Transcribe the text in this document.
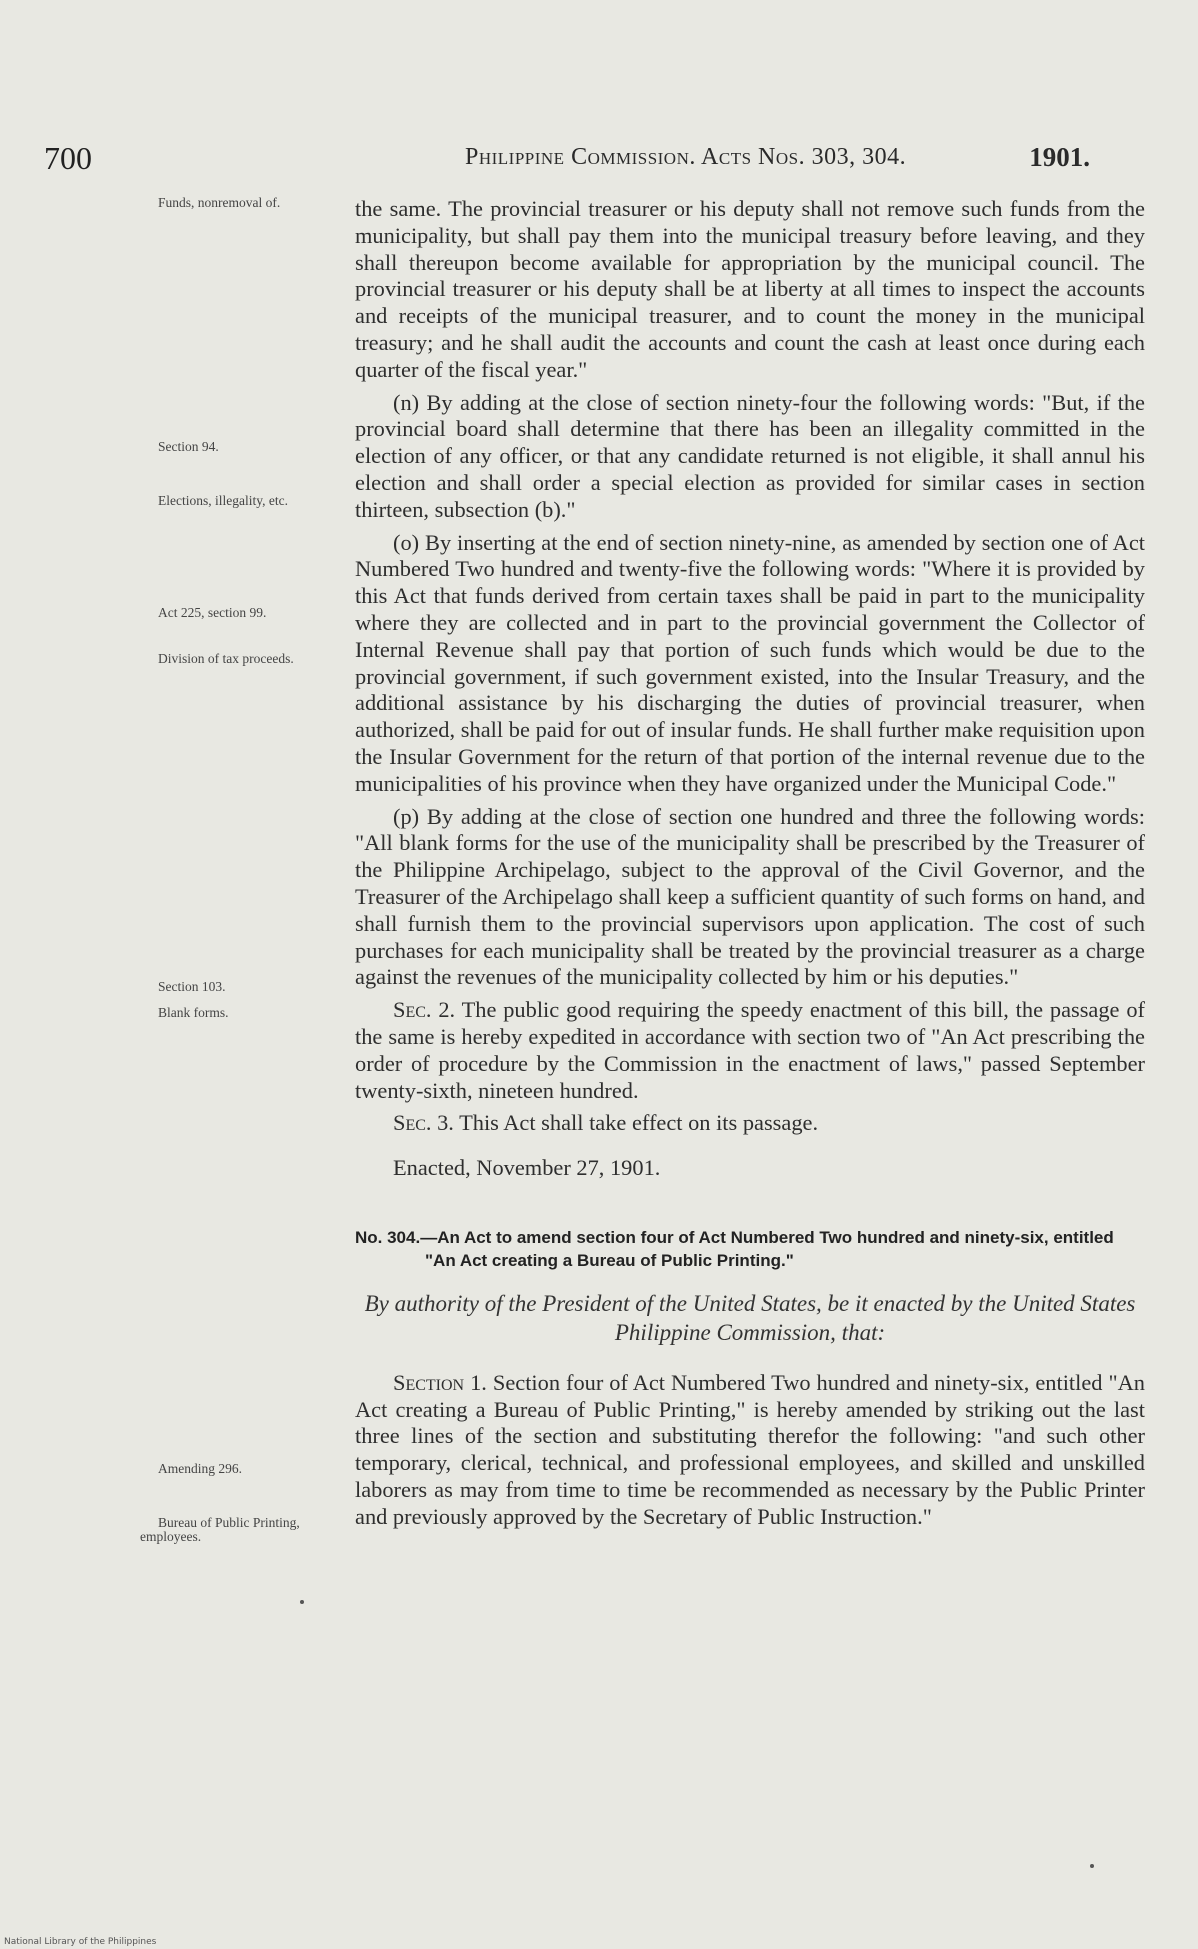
700	Philippine Commission. Acts Nos. 303, 304.	1901.
Funds, nonremoval of.
Section 94.
Elections, illegality, etc.
Act 225, section 99.
Division of tax proceeds.
Section 103.
Blank forms.
Amending 296.
Bureau of Public Printing, employees.

the same. The provincial treasurer or his deputy shall not remove such funds from the municipality, but shall pay them into the municipal treasury before leaving, and they shall thereupon become available for appropriation by the municipal council. The provincial treasurer or his deputy shall be at liberty at all times to inspect the accounts and receipts of the municipal treasurer, and to count the money in the municipal treasury; and he shall audit the accounts and count the cash at least once during each quarter of the fiscal year."

(n) By adding at the close of section ninety-four the following words: "But, if the provincial board shall determine that there has been an illegality committed in the election of any officer, or that any candidate returned is not eligible, it shall annul his election and shall order a special election as provided for similar cases in section thirteen, subsection (b)."

(o) By inserting at the end of section ninety-nine, as amended by section one of Act Numbered Two hundred and twenty-five the following words: "Where it is provided by this Act that funds derived from certain taxes shall be paid in part to the municipality where they are collected and in part to the provincial government the Collector of Internal Revenue shall pay that portion of such funds which would be due to the provincial government, if such government existed, into the Insular Treasury, and the additional assistance by his discharging the duties of provincial treasurer, when authorized, shall be paid for out of insular funds. He shall further make requisition upon the Insular Government for the return of that portion of the internal revenue due to the municipalities of his province when they have organized under the Municipal Code."

(p) By adding at the close of section one hundred and three the following words: "All blank forms for the use of the municipality shall be prescribed by the Treasurer of the Philippine Archipelago, subject to the approval of the Civil Governor, and the Treasurer of the Archipelago shall keep a sufficient quantity of such forms on hand, and shall furnish them to the provincial supervisors upon application. The cost of such purchases for each municipality shall be treated by the provincial treasurer as a charge against the revenues of the municipality collected by him or his deputies."

Sec. 2. The public good requiring the speedy enactment of this bill, the passage of the same is hereby expedited in accordance with section two of "An Act prescribing the order of procedure by the Commission in the enactment of laws," passed September twenty-sixth, nineteen hundred.

Sec. 3. This Act shall take effect on its passage.

Enacted, November 27, 1901.

No. 304.—An Act to amend section four of Act Numbered Two hundred and ninety-six, entitled "An Act creating a Bureau of Public Printing."

By authority of the President of the United States, be it enacted by the United States Philippine Commission, that:

Section 1. Section four of Act Numbered Two hundred and ninety-six, entitled "An Act creating a Bureau of Public Printing," is hereby amended by striking out the last three lines of the section and substituting therefor the following: "and such other temporary, clerical, technical, and professional employees, and skilled and unskilled laborers as may from time to time be recommended as necessary by the Public Printer and previously approved by the Secretary of Public Instruction."

National Library of the Philippines
